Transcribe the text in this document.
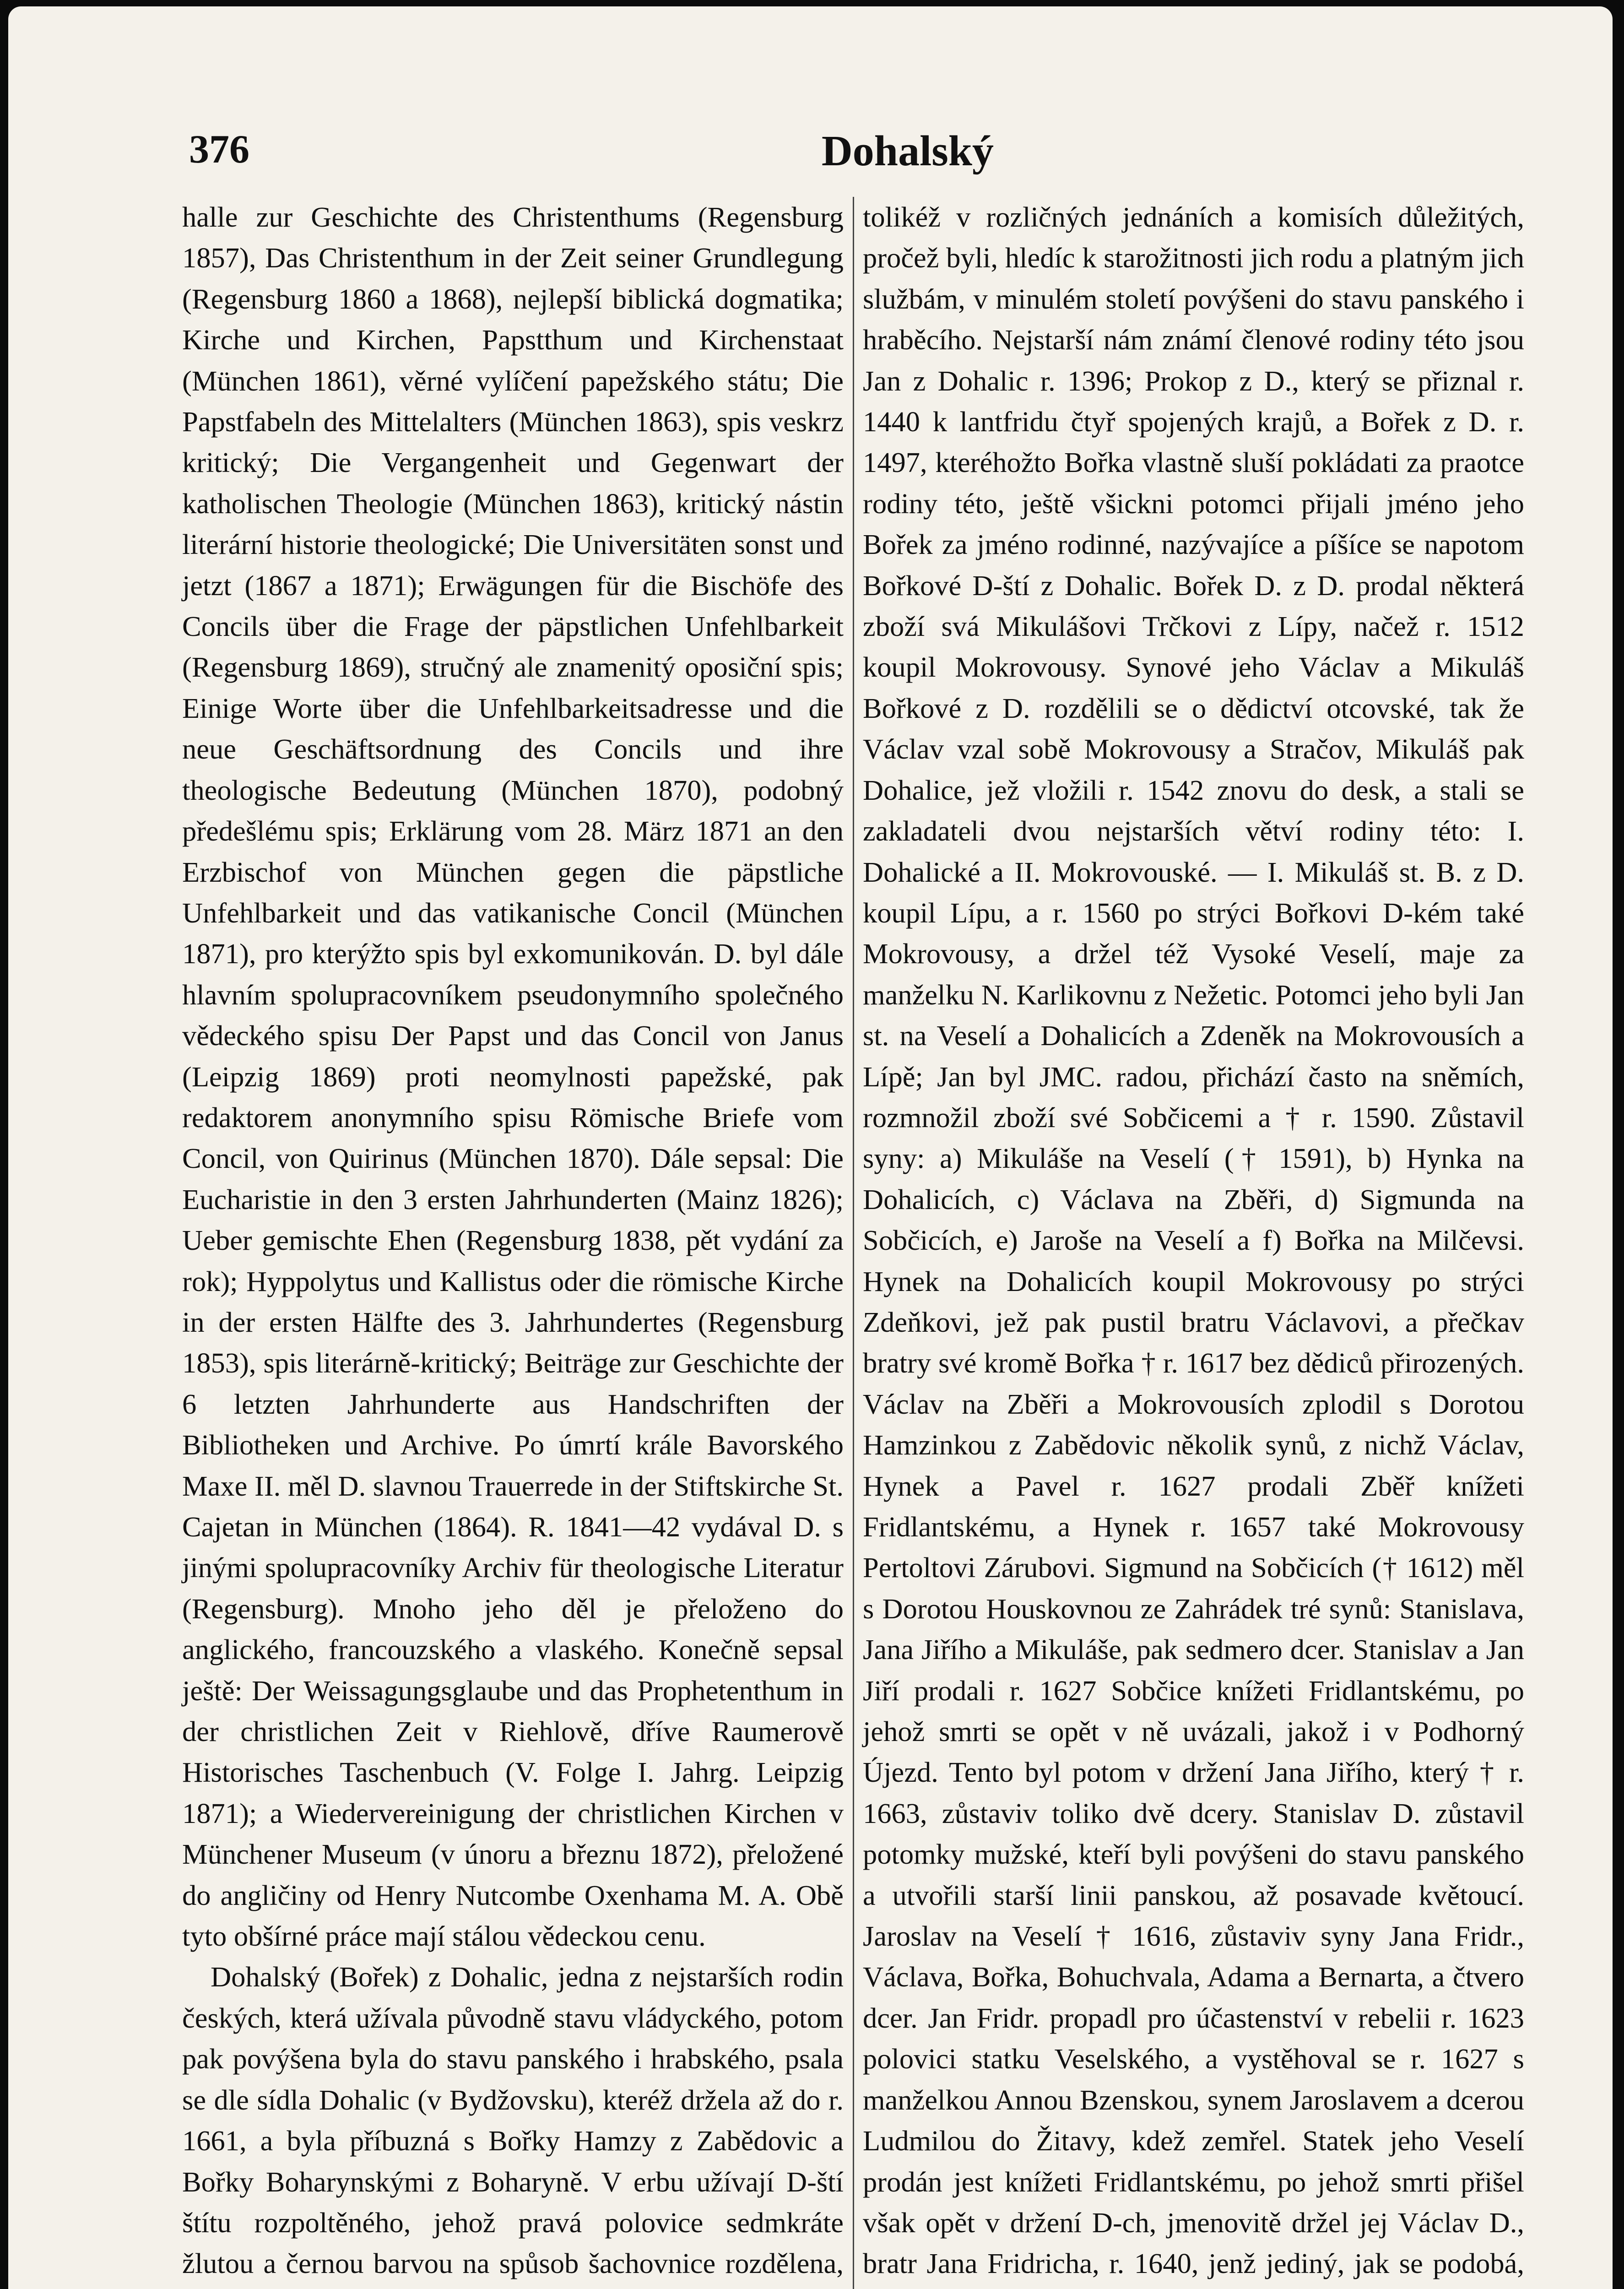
376	Dohalský

halle zur Geschichte des Christenthums (Regensburg 1857), Das Christenthum in der Zeit seiner Grundlegung (Regensburg 1860 a 1868), nejlepší biblická dogmatika; Kirche und Kirchen, Papstthum und Kirchenstaat (München 1861), věrné vylíčení papežského státu; Die Papstfabeln des Mittelalters (München 1863), spis veskrz kritický; Die Vergangenheit und Gegenwart der katholischen Theologie (München 1863), kritický nástin literární historie theologické; Die Universitäten sonst und jetzt (1867 a 1871); Erwägungen für die Bischöfe des Concils über die Frage der päpstlichen Unfehlbarkeit (Regensburg 1869), stručný ale znamenitý oposiční spis; Einige Worte über die Unfehlbarkeitsadresse und die neue Geschäftsordnung des Concils und ihre theologische Bedeutung (München 1870), podobný předešlému spis; Erklärung vom 28. März 1871 an den Erzbischof von München gegen die päpstliche Unfehlbarkeit und das vatikanische Concil (München 1871), pro kterýžto spis byl exkomunikován. D. byl dále hlavním spolupracovníkem pseudonymního společného vědeckého spisu Der Papst und das Concil von Janus (Leipzig 1869) proti neomylnosti papežské, pak redaktorem anonymního spisu Römische Briefe vom Concil, von Quirinus (München 1870). Dále sepsal: Die Eucharistie in den 3 ersten Jahrhunderten (Mainz 1826); Ueber gemischte Ehen (Regensburg 1838, pět vydání za rok); Hyppolytus und Kallistus oder die römische Kirche in der ersten Hälfte des 3. Jahrhundertes (Regensburg 1853), spis literárně-kritický; Beiträge zur Geschichte der 6 letzten Jahrhunderte aus Handschriften der Bibliotheken und Archive. Po úmrtí krále Bavorského Maxe II. měl D. slavnou Trauerrede in der Stiftskirche St. Cajetan in München (1864). R. 1841—42 vydával D. s jinými spolupracovníky Archiv für theologische Literatur (Regensburg). Mnoho jeho děl je přeloženo do anglického, francouzského a vlaského. Konečně sepsal ještě: Der Weissagungsglaube und das Prophetenthum in der christlichen Zeit v Riehlově, dříve Raumerově Historisches Taschenbuch (V. Folge I. Jahrg. Leipzig 1871); a Wiedervereinigung der christlichen Kirchen v Münchener Museum (v únoru a březnu 1872), přeložené do angličiny od Henry Nutcombe Oxenhama M. A. Obě tyto obšírné práce mají stálou vědeckou cenu.

Dohalský (Bořek) z Dohalic, jedna z nejstarších rodin českých, která užívala původně stavu vládyckého, potom pak povýšena byla do stavu panského i hrabského, psala se dle sídla Dohalic (v Bydžovsku), kteréž držela až do r. 1661, a byla příbuzná s Bořky Hamzy z Zabědovic a Bořky Boharynskými z Boharyně. V erbu užívají D-ští štítu rozpoltěného, jehož pravá polovice sedmkráte žlutou a černou barvou na spůsob šachovnice rozdělena,

tolikéž v rozličných jednáních a komisích důležitých, pročež byli, hledíc k starožitnosti jich rodu a platným jich službám, v minulém století povýšeni do stavu panského i hraběcího. Nejstarší nám známí členové rodiny této jsou Jan z Dohalic r. 1396; Prokop z D., který se přiznal r. 1440 k lantfridu čtyř spojených krajů, a Bořek z D. r. 1497, kteréhožto Bořka vlastně sluší pokládati za praotce rodiny této, ještě všickni potomci přijali jméno jeho Bořek za jméno rodinné, nazývajíce a píšíce se napotom Bořkové D-ští z Dohalic. Bořek D. z D. prodal některá zboží svá Mikulášovi Trčkovi z Lípy, načež r. 1512 koupil Mokrovousy. Synové jeho Václav a Mikuláš Bořkové z D. rozdělili se o dědictví otcovské, tak že Václav vzal sobě Mokrovousy a Stračov, Mikuláš pak Dohalice, jež vložili r. 1542 znovu do desk, a stali se zakladateli dvou nejstarších větví rodiny této: I. Dohalické a II. Mokrovouské. — I. Mikuláš st. B. z D. koupil Lípu, a r. 1560 po strýci Bořkovi D-kém také Mokrovousy, a držel též Vysoké Veselí, maje za manželku N. Karlikovnu z Nežetic. Potomci jeho byli Jan st. na Veselí a Dohalicích a Zdeněk na Mokrovousích a Lípě; Jan byl JMC. radou, přichází často na sněmích, rozmnožil zboží své Sobčicemi a † r. 1590. Zůstavil syny: a) Mikuláše na Veselí († 1591), b) Hynka na Dohalicích, c) Václava na Zběři, d) Sigmunda na Sobčicích, e) Jaroše na Veselí a f) Bořka na Milčevsi. Hynek na Dohalicích koupil Mokrovousy po strýci Zdeňkovi, jež pak pustil bratru Václavovi, a přečkav bratry své kromě Bořka † r. 1617 bez dědiců přirozených. Václav na Zběři a Mokrovousích zplodil s Dorotou Hamzinkou z Zabědovic několik synů, z nichž Václav, Hynek a Pavel r. 1627 prodali Zběř knížeti Fridlantskému, a Hynek r. 1657 také Mokrovousy Pertoltovi Zárubovi. Sigmund na Sobčicích († 1612) měl s Dorotou Houskovnou ze Zahrádek tré synů: Stanislava, Jana Jiřího a Mikuláše, pak sedmero dcer. Stanislav a Jan Jiří prodali r. 1627 Sobčice knížeti Fridlantskému, po jehož smrti se opět v ně uvázali, jakož i v Podhorný Újezd. Tento byl potom v držení Jana Jiřího, který † r. 1663, zůstaviv toliko dvě dcery. Stanislav D. zůstavil potomky mužské, kteří byli povýšeni do stavu panského a utvořili starší linii panskou, až posavade květoucí. Jaroslav na Veselí † 1616, zůstaviv syny Jana Fridr., Václava, Bořka, Bohuchvala, Adama a Bernarta, a čtvero dcer. Jan Fridr. propadl pro účastenství v rebelii r. 1623 polovici statku Veselského, a vystěhoval se r. 1627 s manželkou Annou Bzenskou, synem Jaroslavem a dcerou Ludmilou do Žitavy, kdež zemřel. Statek jeho Veselí prodán jest knížeti Fridlantskému, po jehož smrti přišel však opět v držení D-ch, jmenovitě držel jej Václav D., bratr Jana Fridricha, r. 1640, jenž jediný, jak se podobá,
